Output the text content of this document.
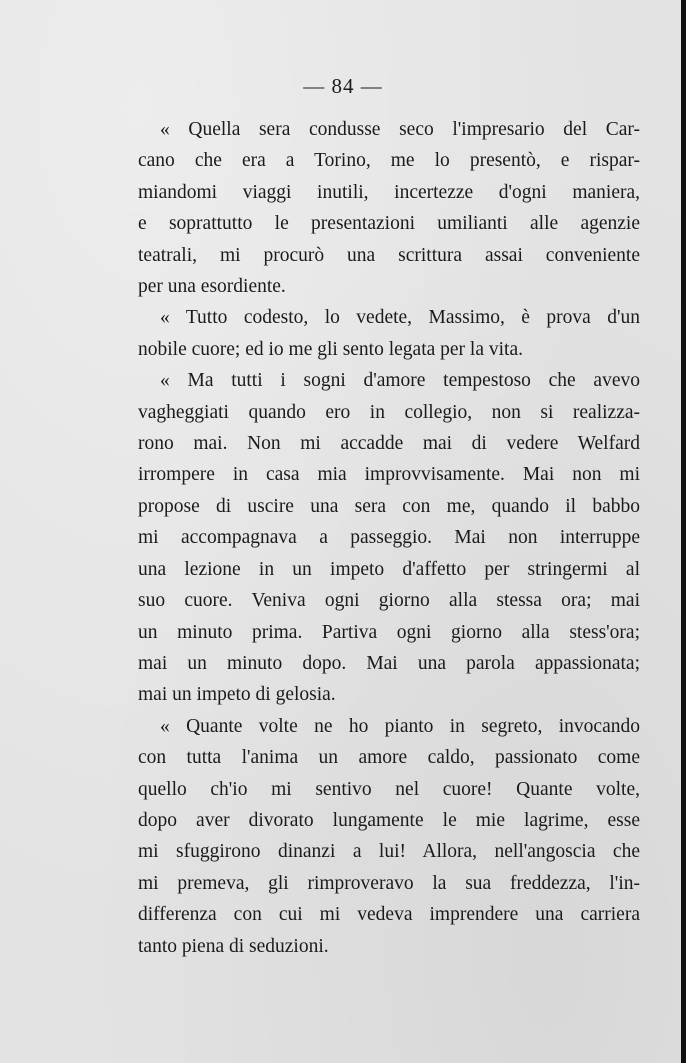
— 84 —
« Quella sera condusse seco l'impresario del Car-
cano che era a Torino, me lo presentò, e rispar-
miandomi viaggi inutili, incertezze d'ogni maniera,
e soprattutto le presentazioni umilianti alle agenzie
teatrali, mi procurò una scrittura assai conveniente
per una esordiente.
« Tutto codesto, lo vedete, Massimo, è prova d'un
nobile cuore; ed io me gli sento legata per la vita.
« Ma tutti i sogni d'amore tempestoso che avevo
vagheggiati quando ero in collegio, non si realizza-
rono mai. Non mi accadde mai di vedere Welfard
irrompere in casa mia improvvisamente. Mai non mi
propose di uscire una sera con me, quando il babbo
mi accompagnava a passeggio. Mai non interruppe
una lezione in un impeto d'affetto per stringermi al
suo cuore. Veniva ogni giorno alla stessa ora; mai
un minuto prima. Partiva ogni giorno alla stess'ora;
mai un minuto dopo. Mai una parola appassionata;
mai un impeto di gelosia.
« Quante volte ne ho pianto in segreto, invocando
con tutta l'anima un amore caldo, passionato come
quello ch'io mi sentivo nel cuore! Quante volte,
dopo aver divorato lungamente le mie lagrime, esse
mi sfuggirono dinanzi a lui! Allora, nell'angoscia che
mi premeva, gli rimproveravo la sua freddezza, l'in-
differenza con cui mi vedeva imprendere una carriera
tanto piena di seduzioni.
